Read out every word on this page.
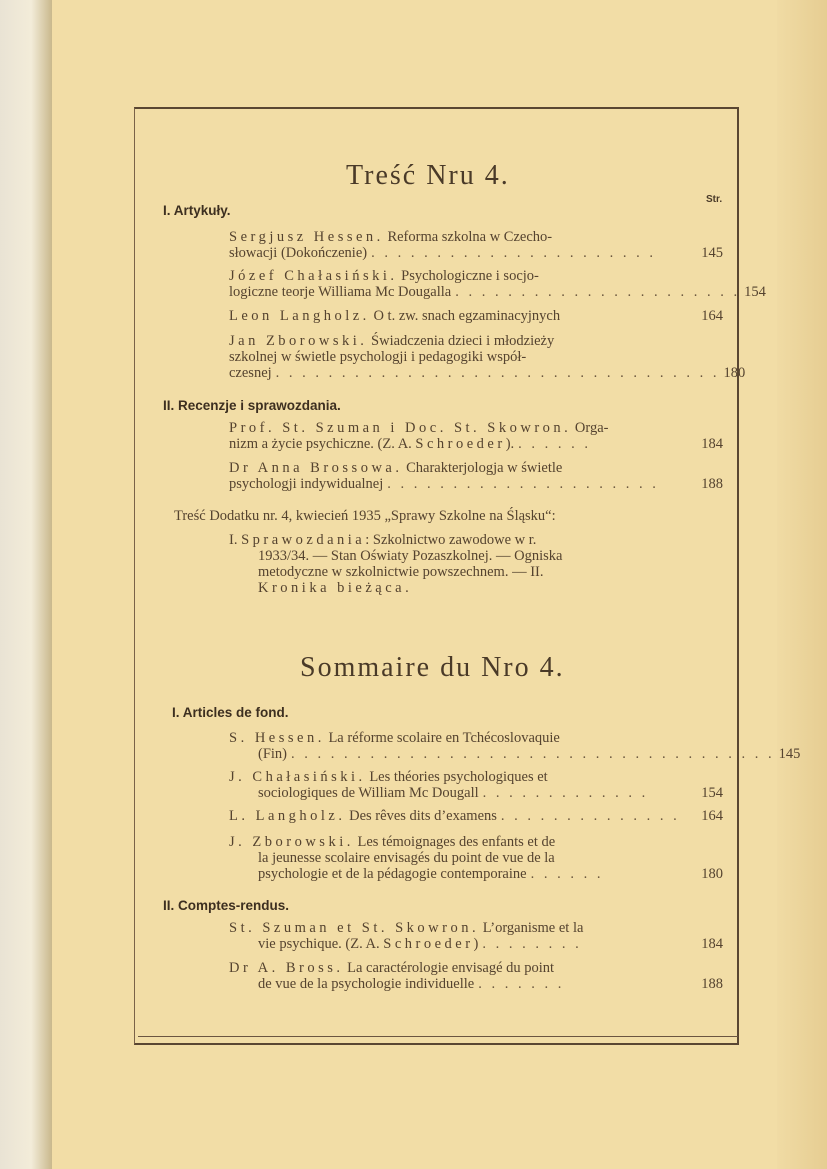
Treść Nru 4.
Str.
I. Artykuły.
Sergjusz Hessen. Reforma szkolna w Czecho-
słowacji (Dokończenie) . . . . . . . . . . . . . . . . . . . . . .	145
Józef Chałasiński. Psychologiczne i socjo-
logiczne teorje Williama Mc Dougalla . . . . . . . . . . . . . . . . . . . . . . 154
Leon Langholz. O t. zw. snach egzaminacyjnych	164
Jan Zborowski. Świadczenia dzieci i młodzieży
szkolnej w świetle psychologji i pedagogiki współ-
czesnej . . . . . . . . . . . . . . . . . . . . . . . . . . . . . . . . . . 180
II. Recenzje i sprawozdania.
Prof. St. Szuman i Doc. St. Skowron. Orga-
nizm a życie psychiczne. (Z. A. Schroeder ). . . . . . .	184
Dr Anna Brossowa. Charakterjologja w świetle
psychologji indywidualnej . . . . . . . . . . . . . . . . . . . . .	188
Treść Dodatku nr. 4, kwiecień 1935 „Sprawy Szkolne na Śląsku“:
I. Sprawozdania : Szkolnictwo zawodowe w r.
1933/34. — Stan Oświaty Pozaszkolnej. — Ogniska
metodyczne w szkolnictwie powszechnem. — II.
Kronika bieżąca.
Sommaire du Nro 4.
I. Articles de fond.
S. Hessen. La réforme scolaire en Tchécoslovaquie
(Fin) . . . . . . . . . . . . . . . . . . . . . . . . . . . . . . . . . . . . . 145
J. Chałasiński. Les théories psychologiques et
sociologiques de William Mc Dougall . . . . . . . . . . . . .	154
L. Langholz. Des rêves dits d’examens . . . . . . . . . . . . . .	164
J. Zborowski. Les témoignages des enfants et de
la jeunesse scolaire envisagés du point de vue de la
psychologie et de la pédagogie contemporaine . . . . . .	180
II. Comptes-rendus.
St. Szuman et St. Skowron. L’organisme et la
vie psychique. (Z. A. Schroeder ) . . . . . . . .	184
Dr A. Bross. La caractérologie envisagé du point
de vue de la psychologie individuelle . . . . . . .	188
